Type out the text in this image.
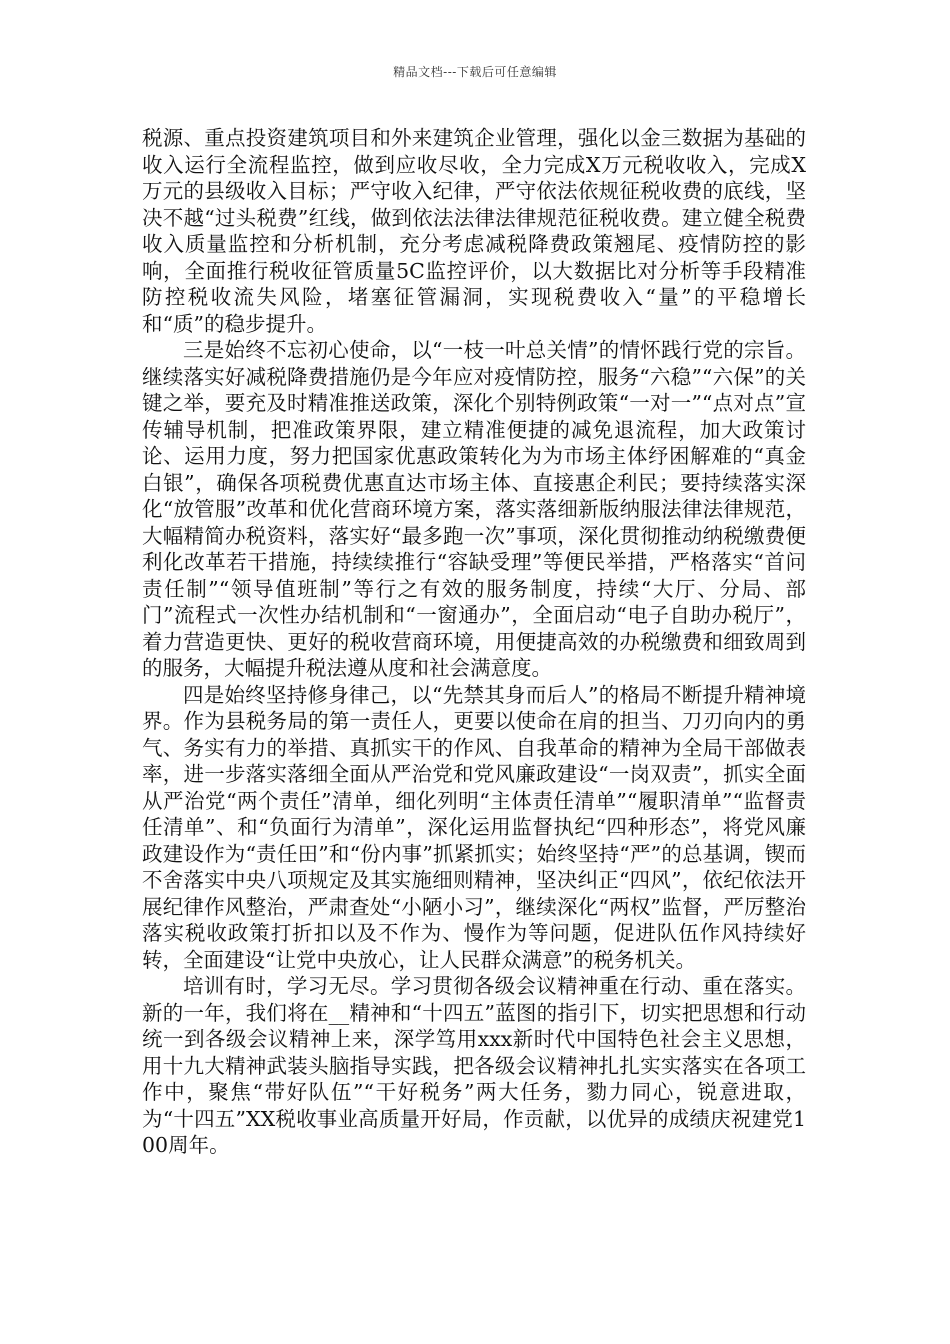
精品文档---下载后可任意编辑

税源、重点投资建筑项目和外来建筑企业管理，强化以金三数据为基础的收入运行全流程监控，做到应收尽收，全力完成X万元税收收入，完成X万元的县级收入目标；严守收入纪律，严守依法依规征税收费的底线，坚决不越“过头税费”红线，做到依法法律法律规范征税收费。建立健全税费收入质量监控和分析机制，充分考虑减税降费政策翘尾、疫情防控的影响，全面推行税收征管质量5C监控评价，以大数据比对分析等手段精准防控税收流失风险，堵塞征管漏洞，实现税费收入“量”的平稳增长和“质”的稳步提升。

三是始终不忘初心使命，以“一枝一叶总关情”的情怀践行党的宗旨。继续落实好减税降费措施仍是今年应对疫情防控，服务“六稳”“六保”的关键之举，要充及时精准推送政策，深化个别特例政策“一对一”“点对点”宣传辅导机制，把准政策界限，建立精准便捷的减免退流程，加大政策讨论、运用力度，努力把国家优惠政策转化为为市场主体纾困解难的“真金白银”，确保各项税费优惠直达市场主体、直接惠企利民；要持续落实深化“放管服”改革和优化营商环境方案，落实落细新版纳服法律法律规范，大幅精简办税资料，落实好“最多跑一次”事项，深化贯彻推动纳税缴费便利化改革若干措施，持续续推行“容缺受理”等便民举措，严格落实“首问责任制”“领导值班制”等行之有效的服务制度，持续“大厅、分局、部门”流程式一次性办结机制和“一窗通办”，全面启动“电子自助办税厅”，着力营造更快、更好的税收营商环境，用便捷高效的办税缴费和细致周到的服务，大幅提升税法遵从度和社会满意度。

四是始终坚持修身律己，以“先禁其身而后人”的格局不断提升精神境界。作为县税务局的第一责任人，更要以使命在肩的担当、刀刃向内的勇气、务实有力的举措、真抓实干的作风、自我革命的精神为全局干部做表率，进一步落实落细全面从严治党和党风廉政建设“一岗双责”，抓实全面从严治党“两个责任”清单，细化列明“主体责任清单”“履职清单”“监督责任清单”、和“负面行为清单”，深化运用监督执纪“四种形态”，将党风廉政建设作为“责任田”和“份内事”抓紧抓实；始终坚持“严”的总基调，锲而不舍落实中央八项规定及其实施细则精神，坚决纠正“四风”，依纪依法开展纪律作风整治，严肃查处“小陋小习”，继续深化“两权”监督，严厉整治落实税收政策打折扣以及不作为、慢作为等问题，促进队伍作风持续好转，全面建设“让党中央放心，让人民群众满意”的税务机关。

培训有时，学习无尽。学习贯彻各级会议精神重在行动、重在落实。新的一年，我们将在__精神和“十四五”蓝图的指引下，切实把思想和行动统一到各级会议精神上来，深学笃用xxx新时代中国特色社会主义思想，用十九大精神武装头脑指导实践，把各级会议精神扎扎实实落实在各项工作中，聚焦“带好队伍”“干好税务”两大任务，勠力同心，锐意进取，为“十四五”XX税收事业高质量开好局，作贡献，以优异的成绩庆祝建党100周年。
